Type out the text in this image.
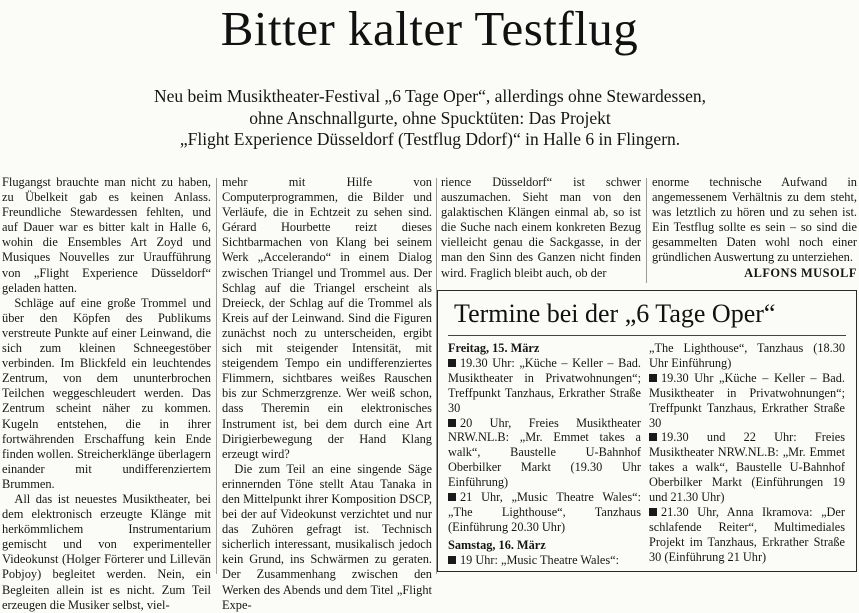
Bitter kalter Testflug
Neu beim Musiktheater-Festival „6 Tage Oper“, allerdings ohne Stewardessen,
ohne Anschnallgurte, ohne Spucktüten: Das Projekt
„Flight Experience Düsseldorf (Testflug Ddorf)“ in Halle 6 in Flingern.

Flugangst brauchte man nicht zu haben, zu Übelkeit gab es keinen Anlass. Freundliche Stewardessen fehlten, und auf Dauer war es bitter kalt in Halle 6, wohin die Ensembles Art Zoyd und Musiques Nouvelles zur Uraufführung von „Flight Experience Düsseldorf“ geladen hatten.

Schläge auf eine große Trommel und über den Köpfen des Publikums verstreute Punkte auf einer Leinwand, die sich zum kleinen Schneegestöber verbinden. Im Blickfeld ein leuchtendes Zentrum, von dem ununterbrochen Teilchen weggeschleudert werden. Das Zentrum scheint näher zu kommen. Kugeln entstehen, die in ihrer fortwährenden Erschaffung kein Ende finden wollen. Streicherklänge überlagern einander mit undifferenziertem Brummen.

All das ist neuestes Musiktheater, bei dem elektronisch erzeugte Klänge mit herkömmlichem Instrumentarium gemischt und von experimenteller Videokunst (Holger Förterer und Lillevän Pobjoy) begleitet werden. Nein, ein Begleiten allein ist es nicht. Zum Teil erzeugen die Musiker selbst, viel-

mehr mit Hilfe von Computerprogrammen, die Bilder und Verläufe, die in Echtzeit zu sehen sind. Gérard Hourbette reizt dieses Sichtbarmachen von Klang bei seinem Werk „Accelerando“ in einem Dialog zwischen Triangel und Trommel aus. Der Schlag auf die Triangel erscheint als Dreieck, der Schlag auf die Trommel als Kreis auf der Leinwand. Sind die Figuren zunächst noch zu unterscheiden, ergibt sich mit steigender Intensität, mit steigendem Tempo ein undifferenziertes Flimmern, sichtbares weißes Rauschen bis zur Schmerzgrenze. Wer weiß schon, dass Theremin ein elektronisches Instrument ist, bei dem durch eine Art Dirigierbewegung der Hand Klang erzeugt wird?

Die zum Teil an eine singende Säge erinnernden Töne stellt Atau Tanaka in den Mittelpunkt ihrer Komposition DSCP, bei der auf Videokunst verzichtet und nur das Zuhören gefragt ist. Technisch sicherlich interessant, musikalisch jedoch kein Grund, ins Schwärmen zu geraten. Der Zusammenhang zwischen den Werken des Abends und dem Titel „Flight Expe-

rience Düsseldorf“ ist schwer auszumachen. Sieht man von den galaktischen Klängen einmal ab, so ist die Suche nach einem konkreten Bezug vielleicht genau die Sackgasse, in der man den Sinn des Ganzen nicht finden wird. Fraglich bleibt auch, ob der

enorme technische Aufwand in angemessenem Verhältnis zu dem steht, was letztlich zu hören und zu sehen ist. Ein Testflug sollte es sein – so sind die gesammelten Daten wohl noch einer gründlichen Auswertung zu unterziehen.

ALFONS MUSOLF
Termine bei der „6 Tage Oper“

Freitag, 15. März

19.30 Uhr: „Küche – Keller – Bad. Musiktheater in Privatwohnungen“; Treffpunkt Tanzhaus, Erkrather Straße 30

20 Uhr, Freies Musiktheater NRW.NL.B: „Mr. Emmet takes a walk“, Baustelle U-Bahnhof Oberbilker Markt (19.30 Uhr Einführung)

21 Uhr, „Music Theatre Wales“: „The Lighthouse“, Tanzhaus (Einführung 20.30 Uhr)

Samstag, 16. März

19 Uhr: „Music Theatre Wales“:

„The Lighthouse“, Tanzhaus (18.30 Uhr Einführung)

19.30 Uhr „Küche – Keller – Bad. Musiktheater in Privatwohnungen“; Treffpunkt Tanzhaus, Erkrather Straße 30

19.30 und 22 Uhr: Freies Musiktheater NRW.NL.B: „Mr. Emmet takes a walk“, Baustelle U-Bahnhof Oberbilker Markt (Einführungen 19 und 21.30 Uhr)

21.30 Uhr, Anna Ikramova: „Der schlafende Reiter“, Multimediales Projekt im Tanzhaus, Erkrather Straße 30 (Einführung 21 Uhr)
